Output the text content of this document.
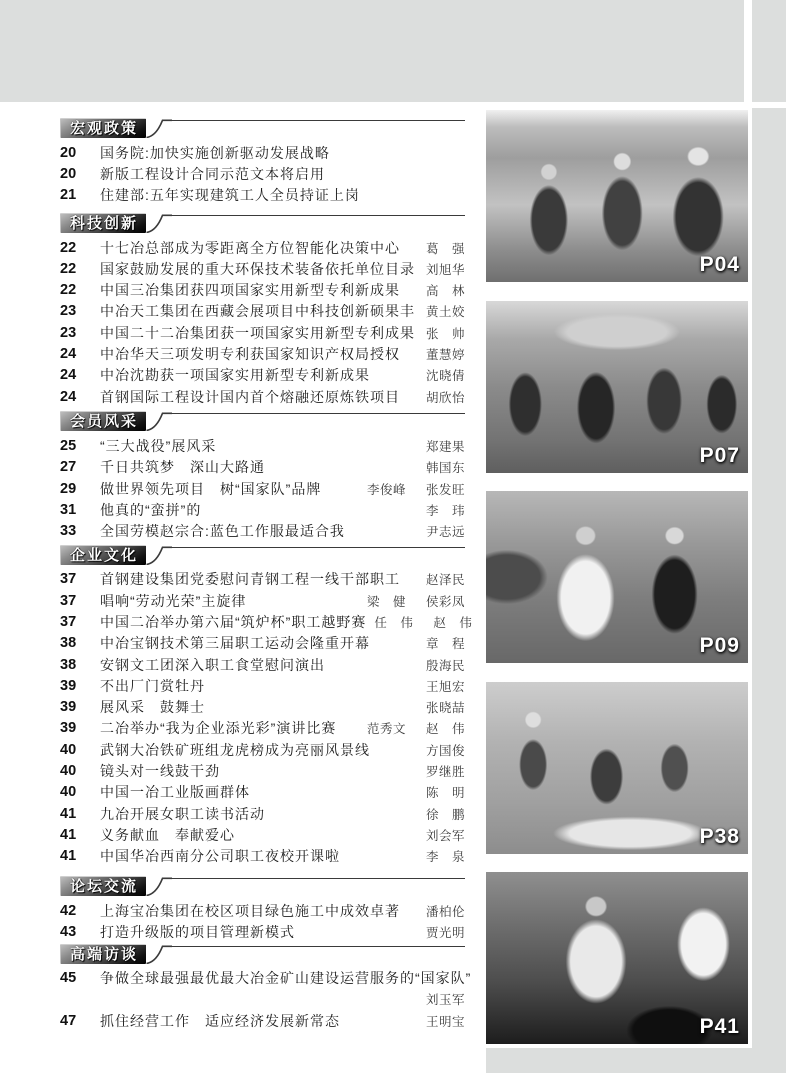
宏观政策
20	国务院:加快实施创新驱动发展战略
20	新版工程设计合同示范文本将启用
21	住建部:五年实现建筑工人全员持证上岗
科技创新
22	十七冶总部成为零距离全方位智能化决策中心	葛　强
22	国家鼓励发展的重大环保技术装备依托单位目录 刘旭华
22	中国三冶集团获四项国家实用新型专利新成果	高　林
23	中冶天工集团在西藏会展项目中科技创新硕果丰 黄土姣
23	中国二十二冶集团获一项国家实用新型专利成果 张　帅
24	中冶华天三项发明专利获国家知识产权局授权	董慧婷
24	中冶沈勘获一项国家实用新型专利新成果	沈晓倩
24	首钢国际工程设计国内首个熔融还原炼铁项目	胡欣怡
会员风采
25	“三大战役”展风采	郑建果
27	千日共筑梦　深山大路通	韩国东
29	做世界领先项目　树“国家队”品牌	李俊峰 张发旺
31	他真的“蛮拼”的	李　玮
33	全国劳模赵宗合:蓝色工作服最适合我	尹志远
企业文化
37	首钢建设集团党委慰问青钢工程一线干部职工	赵泽民
37	唱响“劳动光荣”主旋律	梁　健 侯彩凤
37	中国二冶举办第六届“筑炉杯”职工越野赛 任　伟 赵　伟
38	中冶宝钢技术第三届职工运动会隆重开幕	章　程
38	安钢文工团深入职工食堂慰问演出	殷海民
39	不出厂门赏牡丹	王旭宏
39	展风采　鼓舞士	张晓喆
39	二冶举办“我为企业添光彩”演讲比赛	范秀文 赵　伟
40	武钢大冶铁矿班组龙虎榜成为亮丽风景线	方国俊
40	镜头对一线鼓干劲	罗继胜
40	中国一冶工业版画群体	陈　明
41	九冶开展女职工读书活动	徐　鹏
41	义务献血　奉献爱心	刘会军
41	中国华冶西南分公司职工夜校开课啦	李　泉
论坛交流
42	上海宝冶集团在校区项目绿色施工中成效卓著	潘柏伦
43	打造升级版的项目管理新模式	贾光明
高端访谈
45	争做全球最强最优最大冶金矿山建设运营服务的“国家队”
刘玉军
47	抓住经营工作　适应经济发展新常态	王明宝
P04
P07
P09
P38
P41
